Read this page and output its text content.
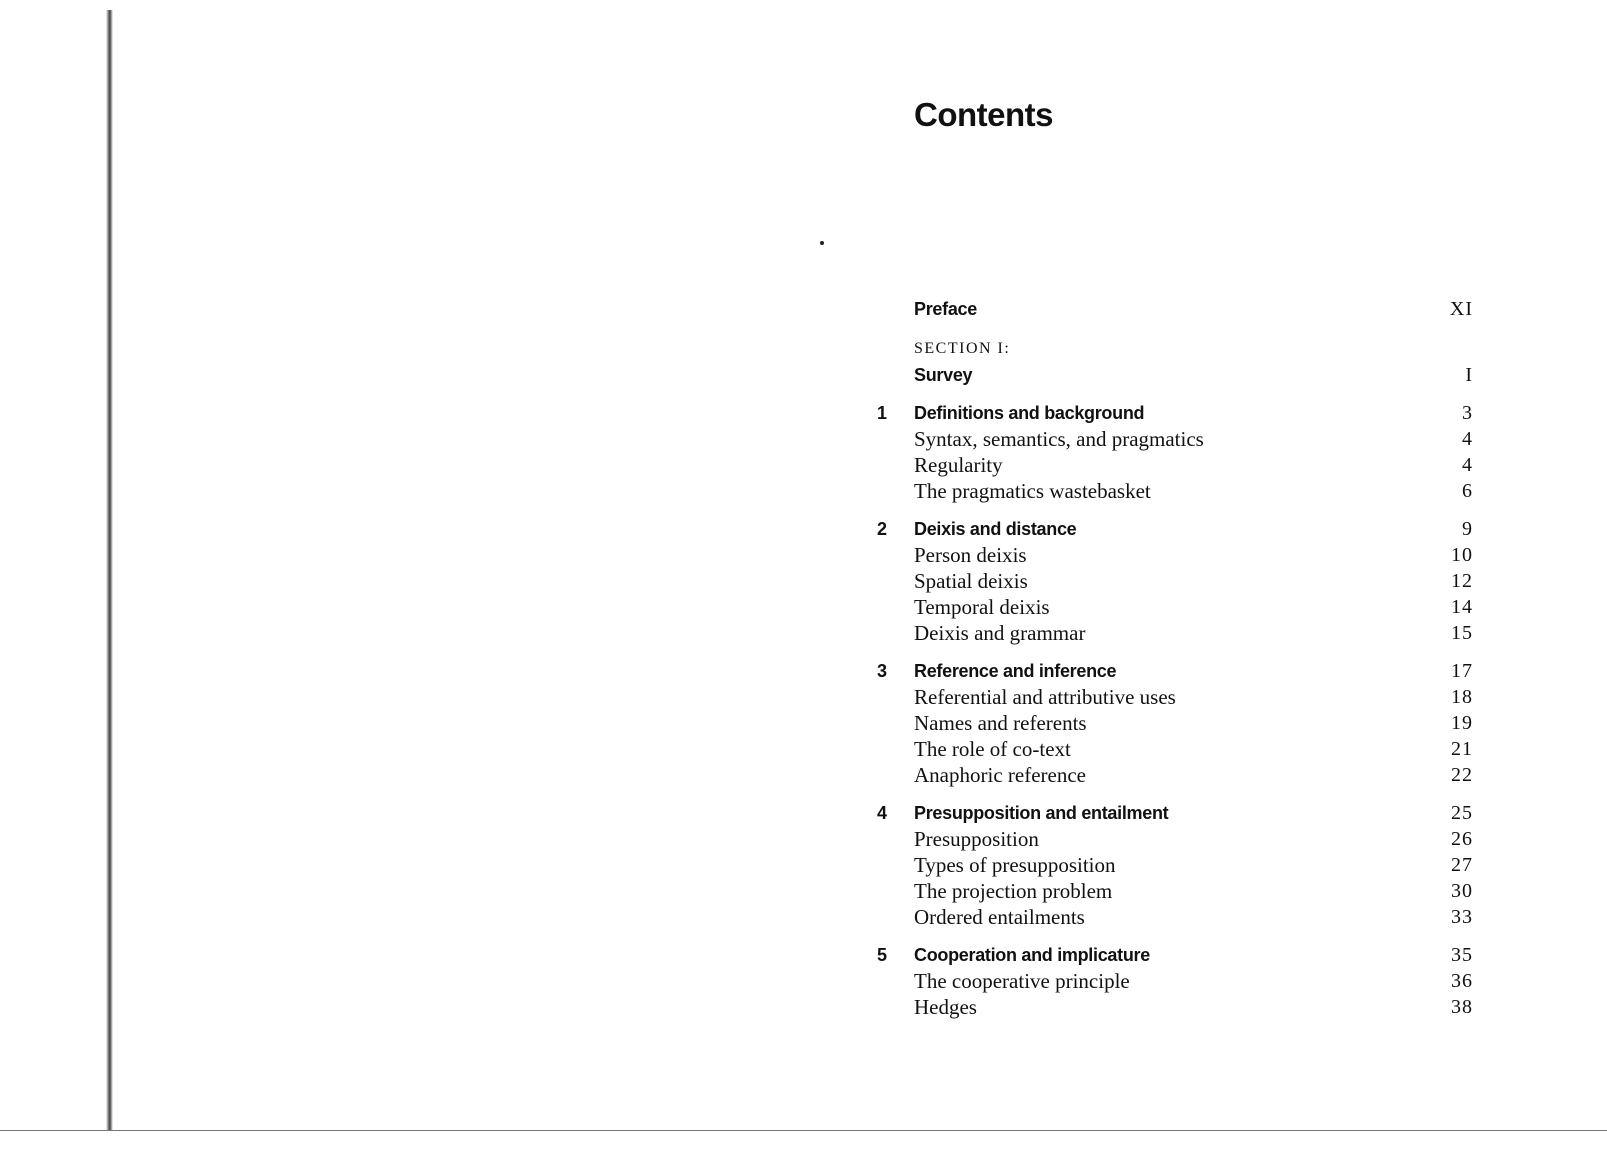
Contents
Preface	XI
SECTION I:
Survey	I
1	Definitions and background	3
Syntax, semantics, and pragmatics	4
Regularity	4
The pragmatics wastebasket	6
2	Deixis and distance	9
Person deixis	10
Spatial deixis	12
Temporal deixis	14
Deixis and grammar	15
3	Reference and inference	17
Referential and attributive uses	18
Names and referents	19
The role of co-text	21
Anaphoric reference	22
4	Presupposition and entailment	25
Presupposition	26
Types of presupposition	27
The projection problem	30
Ordered entailments	33
5	Cooperation and implicature	35
The cooperative principle	36
Hedges	38
